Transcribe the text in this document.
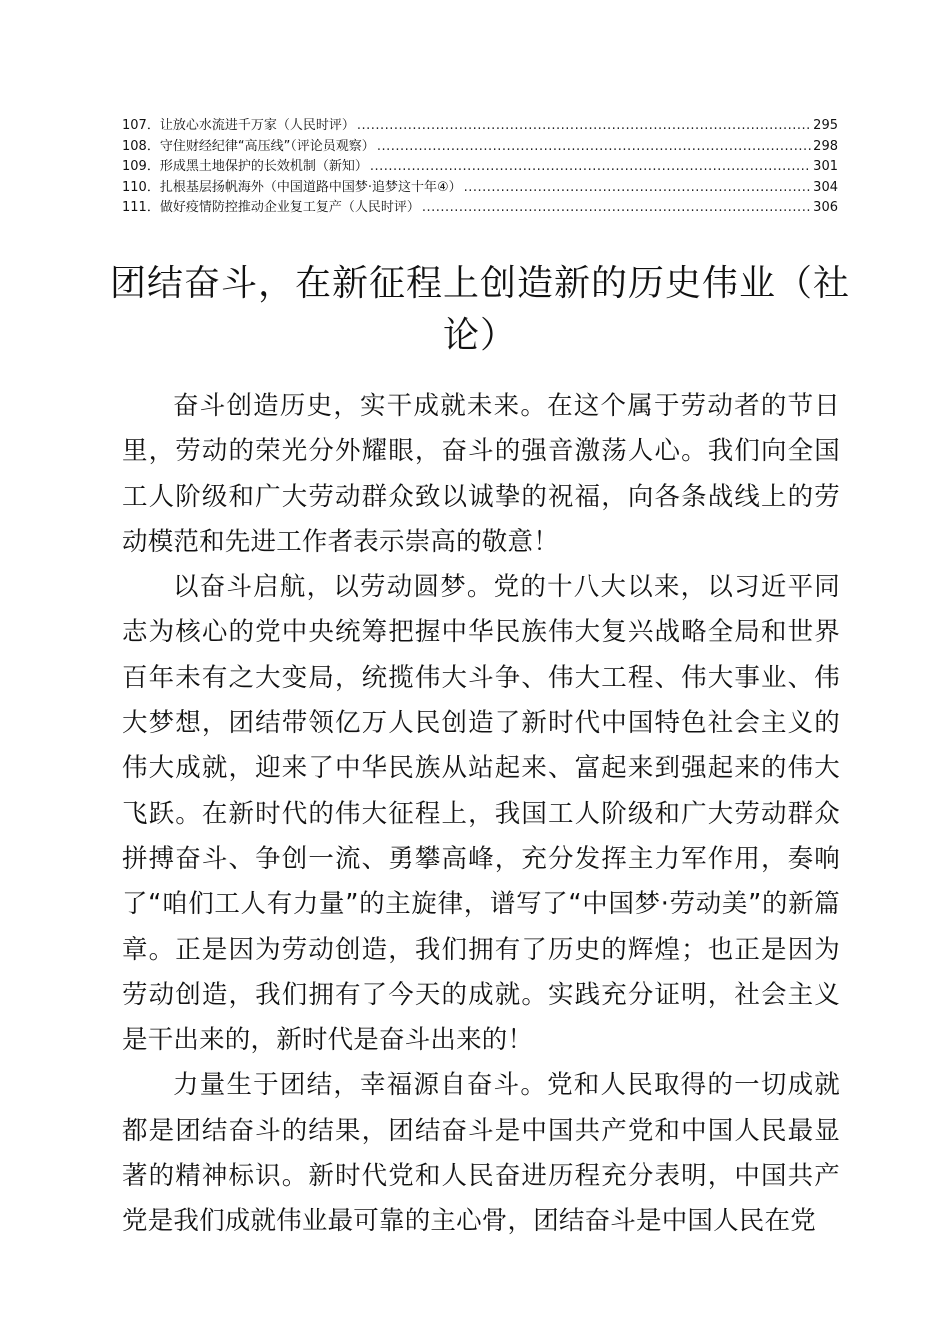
107． 让放心水流进千万家（人民时评） .....	295
108． 守住财经纪律“高压线”（评论员观察） .....	298
109． 形成黑土地保护的长效机制（新知） .....	301
110． 扎根基层扬帆海外（中国道路中国梦·追梦这十年④） .....	304
111． 做好疫情防控推动企业复工复产（人民时评） .....	306
团结奋斗，在新征程上创造新的历史伟业（社论）

奋斗创造历史，实干成就未来。在这个属于劳动者的节日里，劳动的荣光分外耀眼，奋斗的强音激荡人心。我们向全国工人阶级和广大劳动群众致以诚挚的祝福，向各条战线上的劳动模范和先进工作者表示崇高的敬意！

以奋斗启航，以劳动圆梦。党的十八大以来，以习近平同志为核心的党中央统筹把握中华民族伟大复兴战略全局和世界百年未有之大变局，统揽伟大斗争、伟大工程、伟大事业、伟大梦想，团结带领亿万人民创造了新时代中国特色社会主义的伟大成就，迎来了中华民族从站起来、富起来到强起来的伟大飞跃。在新时代的伟大征程上，我国工人阶级和广大劳动群众拼搏奋斗、争创一流、勇攀高峰，充分发挥主力军作用，奏响了“咱们工人有力量”的主旋律，谱写了“中国梦·劳动美”的新篇章。正是因为劳动创造，我们拥有了历史的辉煌；也正是因为劳动创造，我们拥有了今天的成就。实践充分证明，社会主义是干出来的，新时代是奋斗出来的！

力量生于团结，幸福源自奋斗。党和人民取得的一切成就都是团结奋斗的结果，团结奋斗是中国共产党和中国人民最显著的精神标识。新时代党和人民奋进历程充分表明，中国共产党是我们成就伟业最可靠的主心骨，团结奋斗是中国人民在党
